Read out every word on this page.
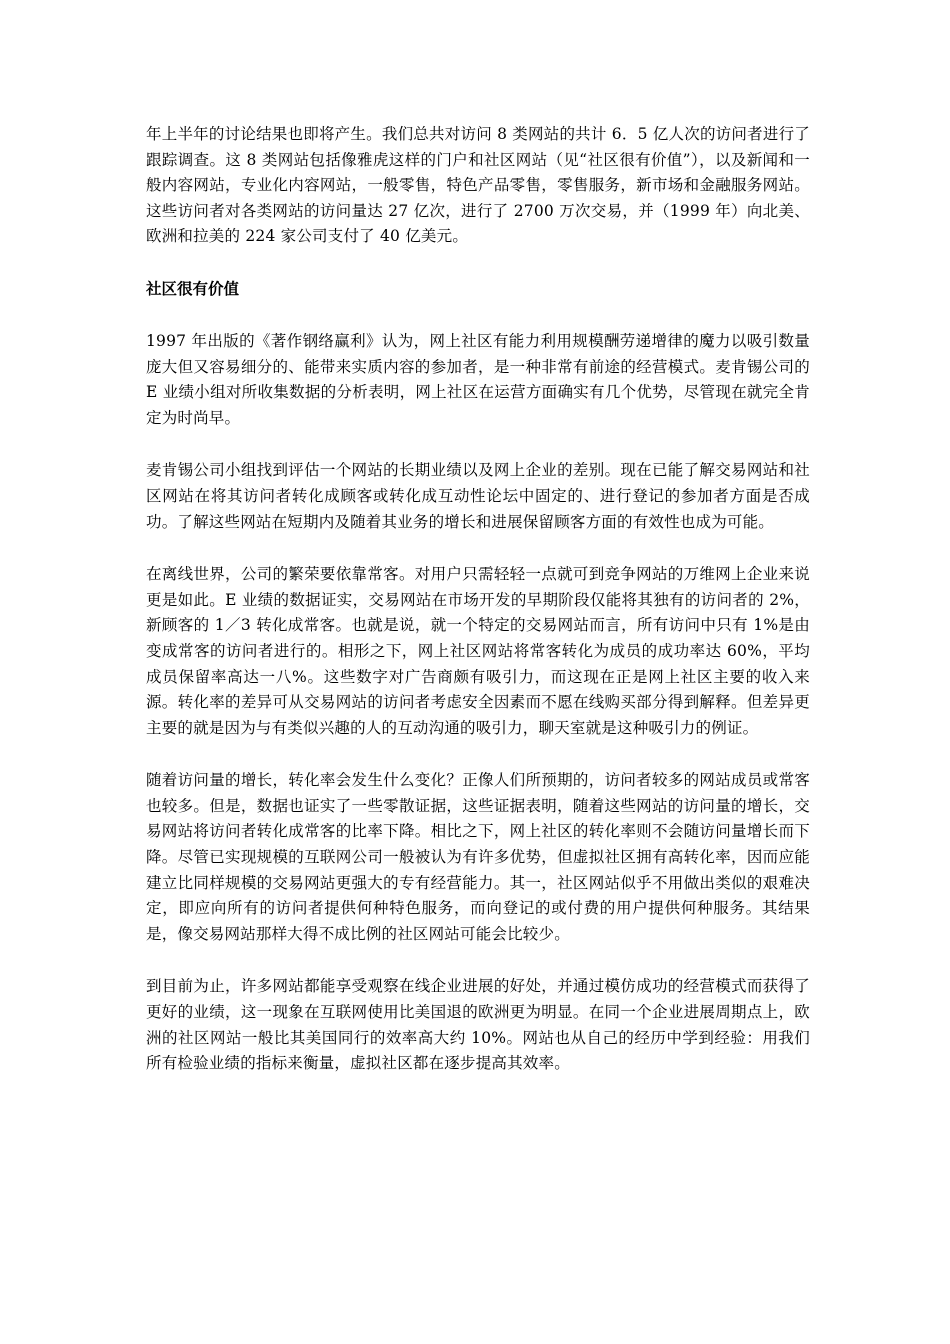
年上半年的讨论结果也即将产生。我们总共对访问 8 类网站的共计 6．5 亿人次的访问者进行了跟踪调查。这 8 类网站包括像雅虎这样的门户和社区网站（见“社区很有价值”），以及新闻和一般内容网站，专业化内容网站，一般零售，特色产品零售，零售服务，新市场和金融服务网站。这些访问者对各类网站的访问量达 27 亿次，进行了 2700 万次交易，并（1999 年）向北美、欧洲和拉美的 224 家公司支付了 40 亿美元。

社区很有价值

1997 年出版的《著作钢络赢利》认为，网上社区有能力利用规模酬劳递增律的魔力以吸引数量庞大但又容易细分的、能带来实质内容的参加者，是一种非常有前途的经营模式。麦肯锡公司的 E 业绩小组对所收集数据的分析表明，网上社区在运营方面确实有几个优势，尽管现在就完全肯定为时尚早。

麦肯锡公司小组找到评估一个网站的长期业绩以及网上企业的差别。现在已能了解交易网站和社区网站在将其访问者转化成顾客或转化成互动性论坛中固定的、进行登记的参加者方面是否成功。了解这些网站在短期内及随着其业务的增长和进展保留顾客方面的有效性也成为可能。

在离线世界，公司的繁荣要依靠常客。对用户只需轻轻一点就可到竞争网站的万维网上企业来说更是如此。E 业绩的数据证实，交易网站在市场开发的早期阶段仅能将其独有的访问者的 2%，新顾客的 1／3 转化成常客。也就是说，就一个特定的交易网站而言，所有访问中只有 1%是由变成常客的访问者进行的。相形之下，网上社区网站将常客转化为成员的成功率达 60%，平均成员保留率高达一八%。这些数字对广告商颇有吸引力，而这现在正是网上社区主要的收入来源。转化率的差异可从交易网站的访问者考虑安全因素而不愿在线购买部分得到解释。但差异更主要的就是因为与有类似兴趣的人的互动沟通的吸引力，聊天室就是这种吸引力的例证。

随着访问量的增长，转化率会发生什么变化？正像人们所预期的，访问者较多的网站成员或常客也较多。但是，数据也证实了一些零散证据，这些证据表明，随着这些网站的访问量的增长，交易网站将访问者转化成常客的比率下降。相比之下，网上社区的转化率则不会随访问量增长而下降。尽管已实现规模的互联网公司一般被认为有许多优势，但虚拟社区拥有高转化率，因而应能建立比同样规模的交易网站更强大的专有经营能力。其一，社区网站似乎不用做出类似的艰难决定，即应向所有的访问者提供何种特色服务，而向登记的或付费的用户提供何种服务。其结果是，像交易网站那样大得不成比例的社区网站可能会比较少。

到目前为止，许多网站都能享受观察在线企业进展的好处，并通过模仿成功的经营模式而获得了更好的业绩，这一现象在互联网使用比美国退的欧洲更为明显。在同一个企业进展周期点上，欧洲的社区网站一般比其美国同行的效率高大约 10%。网站也从自己的经历中学到经验：用我们所有检验业绩的指标来衡量，虚拟社区都在逐步提高其效率。
